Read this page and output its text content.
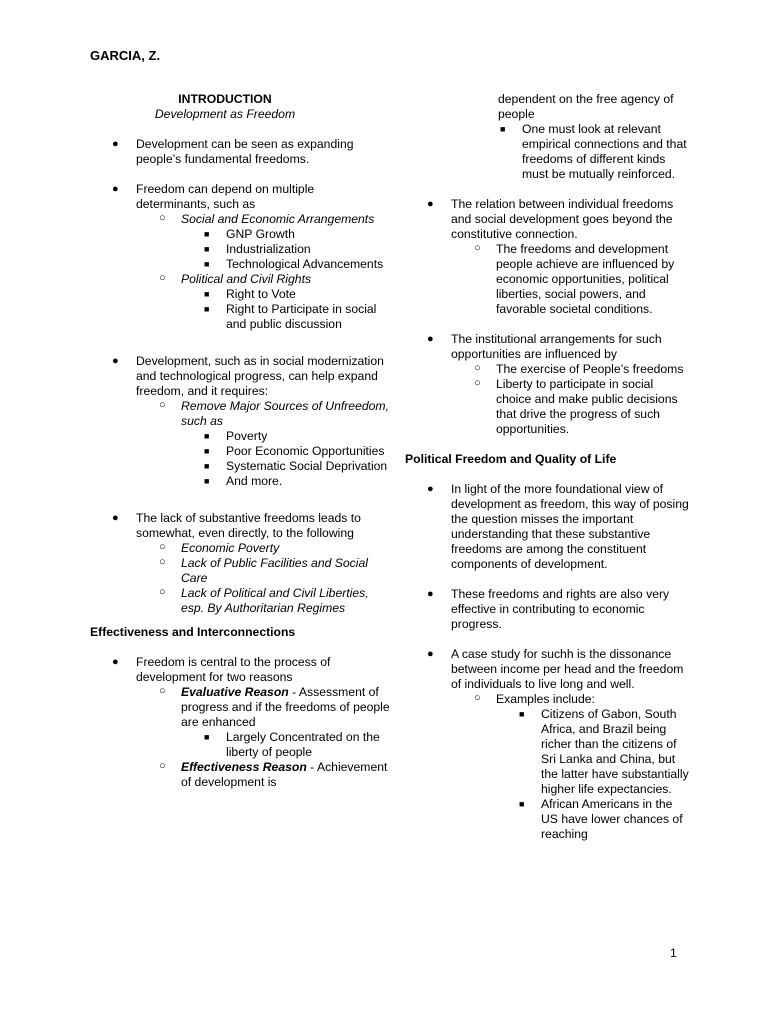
GARCIA, Z.

INTRODUCTION

Development as Freedom

● Development can be seen as expanding people’s fundamental freedoms.
● Freedom can depend on multiple determinants, such as
○ Social and Economic Arrangements
■ GNP Growth
■ Industrialization
■ Technological Advancements
○ Political and Civil Rights
■ Right to Vote
■ Right to Participate in social and public discussion
● Development, such as in social modernization and technological progress, can help expand freedom, and it requires:
○ Remove Major Sources of Unfreedom, such as
■ Poverty
■ Poor Economic Opportunities
■ Systematic Social Deprivation
■ And more.
● The lack of substantive freedoms leads to somewhat, even directly, to the following
○ Economic Poverty
○ Lack of Public Facilities and Social Care
○ Lack of Political and Civil Liberties, esp. By Authoritarian Regimes

Effectiveness and Interconnections

● Freedom is central to the process of development for two reasons
○ Evaluative Reason - Assessment of progress and if the freedoms of people are enhanced
■ Largely Concentrated on the liberty of people
○ Effectiveness Reason - Achievement of development is

dependent on the free agency of people

■ One must look at relevant empirical connections and that freedoms of different kinds must be mutually reinforced.
● The relation between individual freedoms and social development goes beyond the constitutive connection.
○ The freedoms and development people achieve are influenced by economic opportunities, political liberties, social powers, and favorable societal conditions.
● The institutional arrangements for such opportunities are influenced by
○ The exercise of People’s freedoms
○ Liberty to participate in social choice and make public decisions that drive the progress of such opportunities.

Political Freedom and Quality of Life

● In light of the more foundational view of development as freedom, this way of posing the question misses the important understanding that these substantive freedoms are among the constituent components of development.
● These freedoms and rights are also very effective in contributing to economic progress.
● A case study for suchh is the dissonance between income per head and the freedom of individuals to live long and well.
○ Examples include:
■ Citizens of Gabon, South Africa, and Brazil being richer than the citizens of Sri Lanka and China, but the latter have substantially higher life expectancies.
■ African Americans in the US have lower chances of reaching

1
